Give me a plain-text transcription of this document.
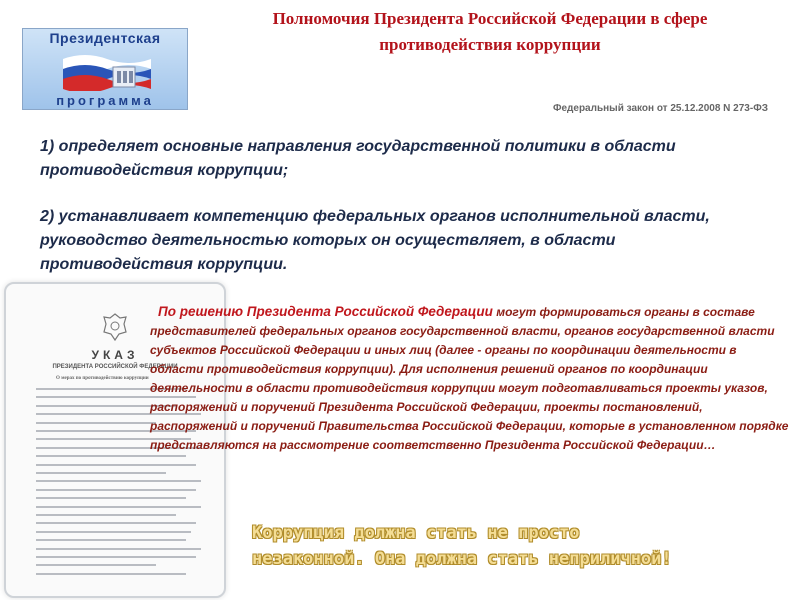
Президентская
программа
Полномочия Президента Российской Федерации в сфере
противодействия коррупции
Федеральный закон от 25.12.2008 N 273-ФЗ
1) определяет основные направления государственной политики в области противодействия коррупции;
2) устанавливает компетенцию федеральных органов исполнительной власти, руководство деятельностью которых он осуществляет, в области противодействия коррупции.
УКАЗ
ПРЕЗИДЕНТА РОССИЙСКОЙ ФЕДЕРАЦИИ
О мерах по противодействию коррупции
По решению Президента Российской Федерации могут формироваться органы в составе представителей федеральных органов государственной власти, органов государственной власти субъектов Российской Федерации и иных лиц (далее - органы по координации деятельности в области противодействия коррупции). Для исполнения решений органов по координации деятельности в области противодействия коррупции могут подготавливаться проекты указов, распоряжений и поручений Президента Российской Федерации, проекты постановлений, распоряжений и поручений Правительства Российской Федерации, которые в установленном порядке представляются на рассмотрение соответственно Президента Российской Федерации…
Коррупция должна стать не просто
незаконной. Она должна стать неприличной!
